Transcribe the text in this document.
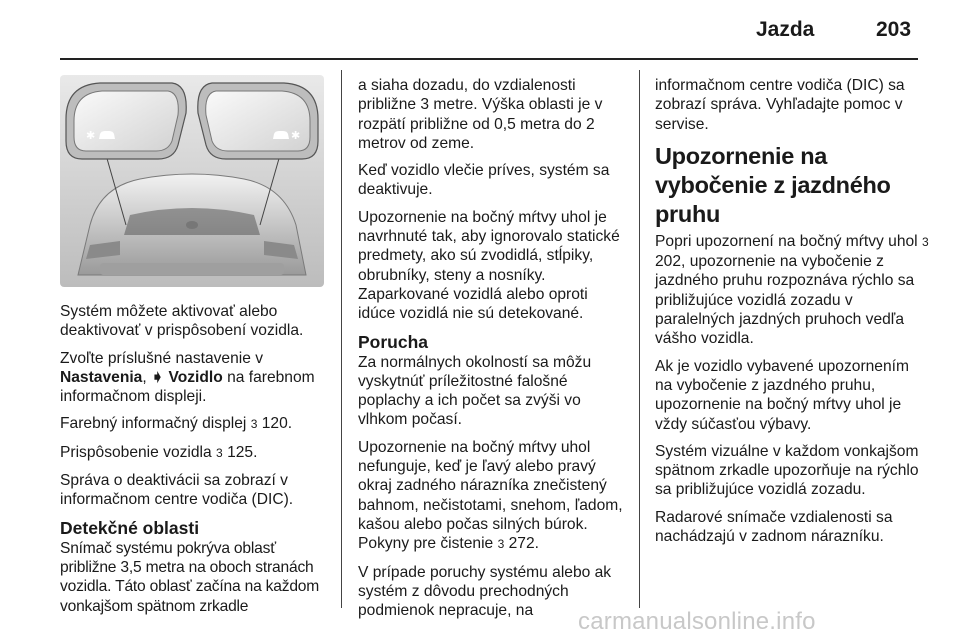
Jazda	203
✱	✱

Systém môžete aktivovať alebo deaktivovať v prispôsobení vozidla.

Zvoľte príslušné nastavenie v Nastavenia, ➧ Vozidlo na farebnom informačnom displeji.

Farebný informačný displej 3 120.

Prispôsobenie vozidla 3 125.

Správa o deaktivácii sa zobrazí v informačnom centre vodiča (DIC).

Detekčné oblasti

Snímač systému pokrýva oblasť približne 3,5 metra na oboch stranách vozidla. Táto oblasť začína na každom vonkajšom spätnom zrkadle

a siaha dozadu, do vzdialenosti približne 3 metre. Výška oblasti je v rozpätí približne od 0,5 metra do 2 metrov od zeme.

Keď vozidlo vlečie príves, systém sa deaktivuje.

Upozornenie na bočný mŕtvy uhol je navrhnuté tak, aby ignorovalo statické predmety, ako sú zvodidlá, stĺpiky, obrubníky, steny a nosníky. Zaparkované vozidlá alebo oproti idúce vozidlá nie sú detekované.

Porucha

Za normálnych okolností sa môžu vyskytnúť príležitostné falošné poplachy a ich počet sa zvýši vo vlhkom počasí.

Upozornenie na bočný mŕtvy uhol nefunguje, keď je ľavý alebo pravý okraj zadného nárazníka znečistený bahnom, nečistotami, snehom, ľadom, kašou alebo počas silných búrok. Pokyny pre čistenie 3 272.

V prípade poruchy systému alebo ak systém z dôvodu prechodných podmienok nepracuje, na

informačnom centre vodiča (DIC) sa zobrazí správa. Vyhľadajte pomoc v servise.

Upozornenie na vybočenie z jazdného pruhu

Popri upozornení na bočný mŕtvy uhol 3 202, upozornenie na vybočenie z jazdného pruhu rozpoznáva rýchlo sa približujúce vozidlá zozadu v paralelných jazdných pruhoch vedľa vášho vozidla.

Ak je vozidlo vybavené upozornením na vybočenie z jazdného pruhu, upozornenie na bočný mŕtvy uhol je vždy súčasťou výbavy.

Systém vizuálne v každom vonkajšom spätnom zrkadle upozorňuje na rýchlo sa približujúce vozidlá zozadu.

Radarové snímače vzdialenosti sa nachádzajú v zadnom nárazníku.

carmanualsonline.info
